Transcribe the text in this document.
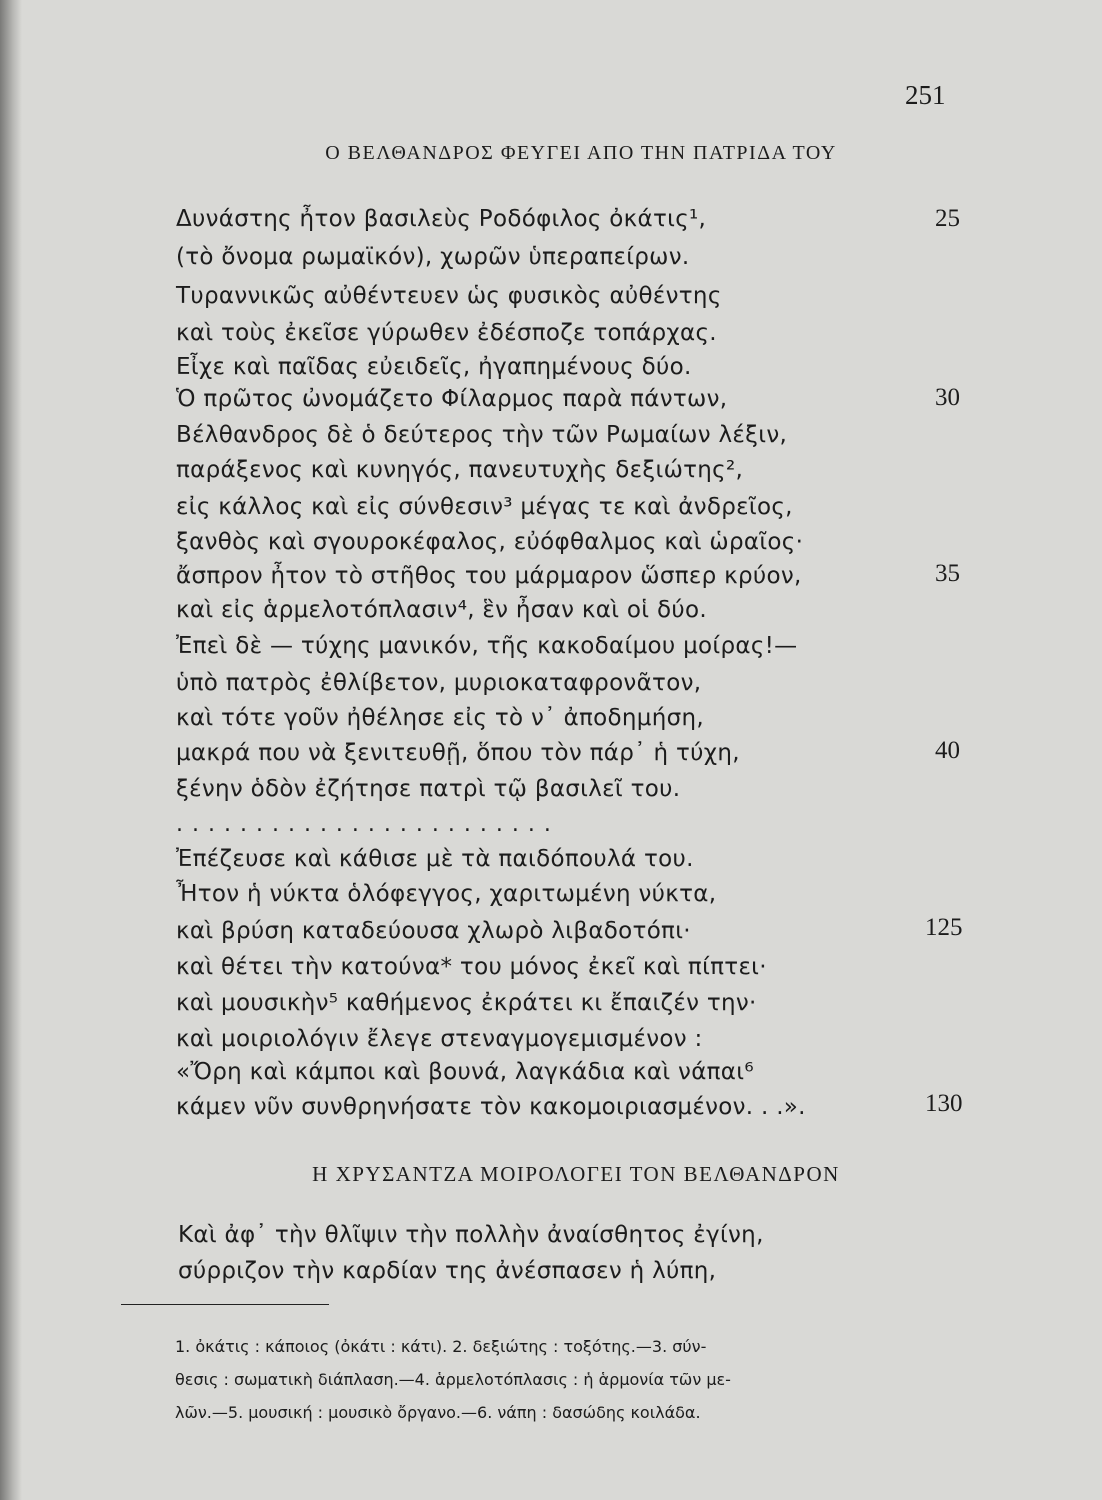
251
Ο ΒΕΛΘΑΝΔΡΟΣ ΦΕΥΓΕΙ ΑΠΟ ΤΗΝ ΠΑΤΡΙΔΑ ΤΟΥ
Δυνάστης ἦτον βασιλεὺς Ροδόφιλος ὀκάτις¹,
(τὸ ὄνομα ρωμαϊκόν), χωρῶν ὑπεραπείρων.
Τυραννικῶς αὐθέντευεν ὡς φυσικὸς αὐθέντης
καὶ τοὺς ἐκεῖσε γύρωθεν ἐδέσποζε τοπάρχας.
Εἶχε καὶ παῖδας εὐειδεῖς, ἠγαπημένους δύο.
Ὁ πρῶτος ὠνομάζετο Φίλαρμος παρὰ πάντων,
Βέλθανδρος δὲ ὁ δεύτερος τὴν τῶν Ρωμαίων λέξιν,
παράξενος καὶ κυνηγός, πανευτυχὴς δεξιώτης²,
εἰς κάλλος καὶ εἰς σύνθεσιν³ μέγας τε καὶ ἀνδρεῖος,
ξανθὸς καὶ σγουροκέφαλος, εὐόφθαλμος καὶ ὡραῖος·
ἄσπρον ἦτον τὸ στῆθος του μάρμαρον ὥσπερ κρύον,
καὶ εἰς ἁρμελοτόπλασιν⁴, ἓν ἦσαν καὶ οἱ δύο.
Ἐπεὶ δὲ — τύχης μανικόν, τῆς κακοδαίμου μοίρας!—
ὑπὸ πατρὸς ἐθλίβετον, μυριοκαταφρονᾶτον,
καὶ τότε γοῦν ἠθέλησε εἰς τὸ ν᾽ ἀποδημήση,
μακρά που νὰ ξενιτευθῇ, ὅπου τὸν πάρ᾽ ἡ τύχη,
ξένην ὁδὸν ἐζήτησε πατρὶ τῷ βασιλεῖ του.
........................
Ἐπέζευσε καὶ κάθισε μὲ τὰ παιδόπουλά του.
Ἦτον ἡ νύκτα ὁλόφεγγος, χαριτωμένη νύκτα,
καὶ βρύση καταδεύουσα χλωρὸ λιβαδοτόπι·
καὶ θέτει τὴν κατούνα* του μόνος ἐκεῖ καὶ πίπτει·
καὶ μουσικὴν⁵ καθήμενος ἐκράτει κι ἔπαιζέν την·
καὶ μοιριολόγιν ἔλεγε στεναγμογεμισμένον :
«Ὄρη καὶ κάμποι καὶ βουνά, λαγκάδια καὶ νάπαι⁶
κάμεν νῦν συνθρηνήσατε τὸν κακομοιριασμένον. . .».
25
30
35
40
125
130
Η ΧΡΥΣΑΝΤΖΑ ΜΟΙΡΟΛΟΓΕΙ ΤΟΝ ΒΕΛΘΑΝΔΡΟΝ
Καὶ ἀφ᾽ τὴν θλῖψιν τὴν πολλὴν ἀναίσθητος ἐγίνη,
σύρριζον τὴν καρδίαν της ἀνέσπασεν ἡ λύπη,
1. ὀκάτις : κάποιος (ὀκάτι : κάτι). 2. δεξιώτης : τοξότης.—3. σύν-
θεσις : σωματικὴ διάπλαση.—4. ἁρμελοτόπλασις : ἡ ἁρμονία τῶν με-
λῶν.—5. μουσική : μουσικὸ ὄργανο.—6. νάπη : δασώδης κοιλάδα.
